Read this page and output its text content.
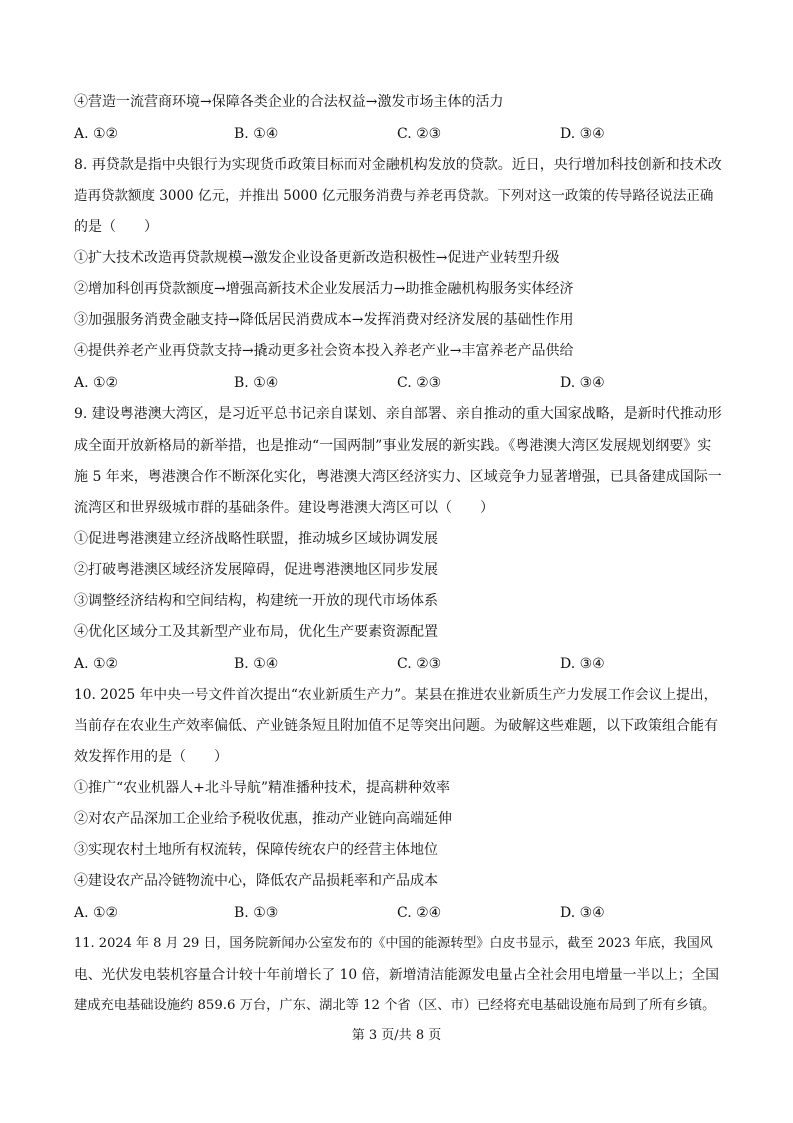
④营造一流营商环境→保障各类企业的合法权益→激发市场主体的活力
A. ①②	B. ①④	C. ②③	D. ③④
8. 再贷款是指中央银行为实现货币政策目标而对金融机构发放的贷款。近日，央行增加科技创新和技术改
造再贷款额度 3000 亿元，并推出 5000 亿元服务消费与养老再贷款。下列对这一政策的传导路径说法正确
的是（　　）
①扩大技术改造再贷款规模→激发企业设备更新改造积极性→促进产业转型升级
②增加科创再贷款额度→增强高新技术企业发展活力→助推金融机构服务实体经济
③加强服务消费金融支持→降低居民消费成本→发挥消费对经济发展的基础性作用
④提供养老产业再贷款支持→撬动更多社会资本投入养老产业→丰富养老产品供给
A. ①②	B. ①④	C. ②③	D. ③④
9. 建设粤港澳大湾区，是习近平总书记亲自谋划、亲自部署、亲自推动的重大国家战略，是新时代推动形
成全面开放新格局的新举措，也是推动“一国两制”事业发展的新实践。《粤港澳大湾区发展规划纲要》实
施 5 年来，粤港澳合作不断深化实化，粤港澳大湾区经济实力、区域竞争力显著增强，已具备建成国际一
流湾区和世界级城市群的基础条件。建设粤港澳大湾区可以（　　）
①促进粤港澳建立经济战略性联盟，推动城乡区域协调发展
②打破粤港澳区域经济发展障碍，促进粤港澳地区同步发展
③调整经济结构和空间结构，构建统一开放的现代市场体系
④优化区域分工及其新型产业布局，优化生产要素资源配置
A. ①②	B. ①④	C. ②③	D. ③④
10. 2025 年中央一号文件首次提出“农业新质生产力”。某县在推进农业新质生产力发展工作会议上提出，
当前存在农业生产效率偏低、产业链条短且附加值不足等突出问题。为破解这些难题，以下政策组合能有
效发挥作用的是（　　）
①推广“农业机器人+北斗导航”精准播种技术，提高耕种效率
②对农产品深加工企业给予税收优惠，推动产业链向高端延伸
③实现农村土地所有权流转，保障传统农户的经营主体地位
④建设农产品冷链物流中心，降低农产品损耗率和产品成本
A. ①②	B. ①③	C. ②④	D. ③④
11. 2024 年 8 月 29 日，国务院新闻办公室发布的《中国的能源转型》白皮书显示，截至 2023 年底，我国风
电、光伏发电装机容量合计较十年前增长了 10 倍，新增清洁能源发电量占全社会用电增量一半以上；全国
建成充电基础设施约 859.6 万台，广东、湖北等 12 个省（区、市）已经将充电基础设施布局到了所有乡镇。
第 3 页/共 8 页
